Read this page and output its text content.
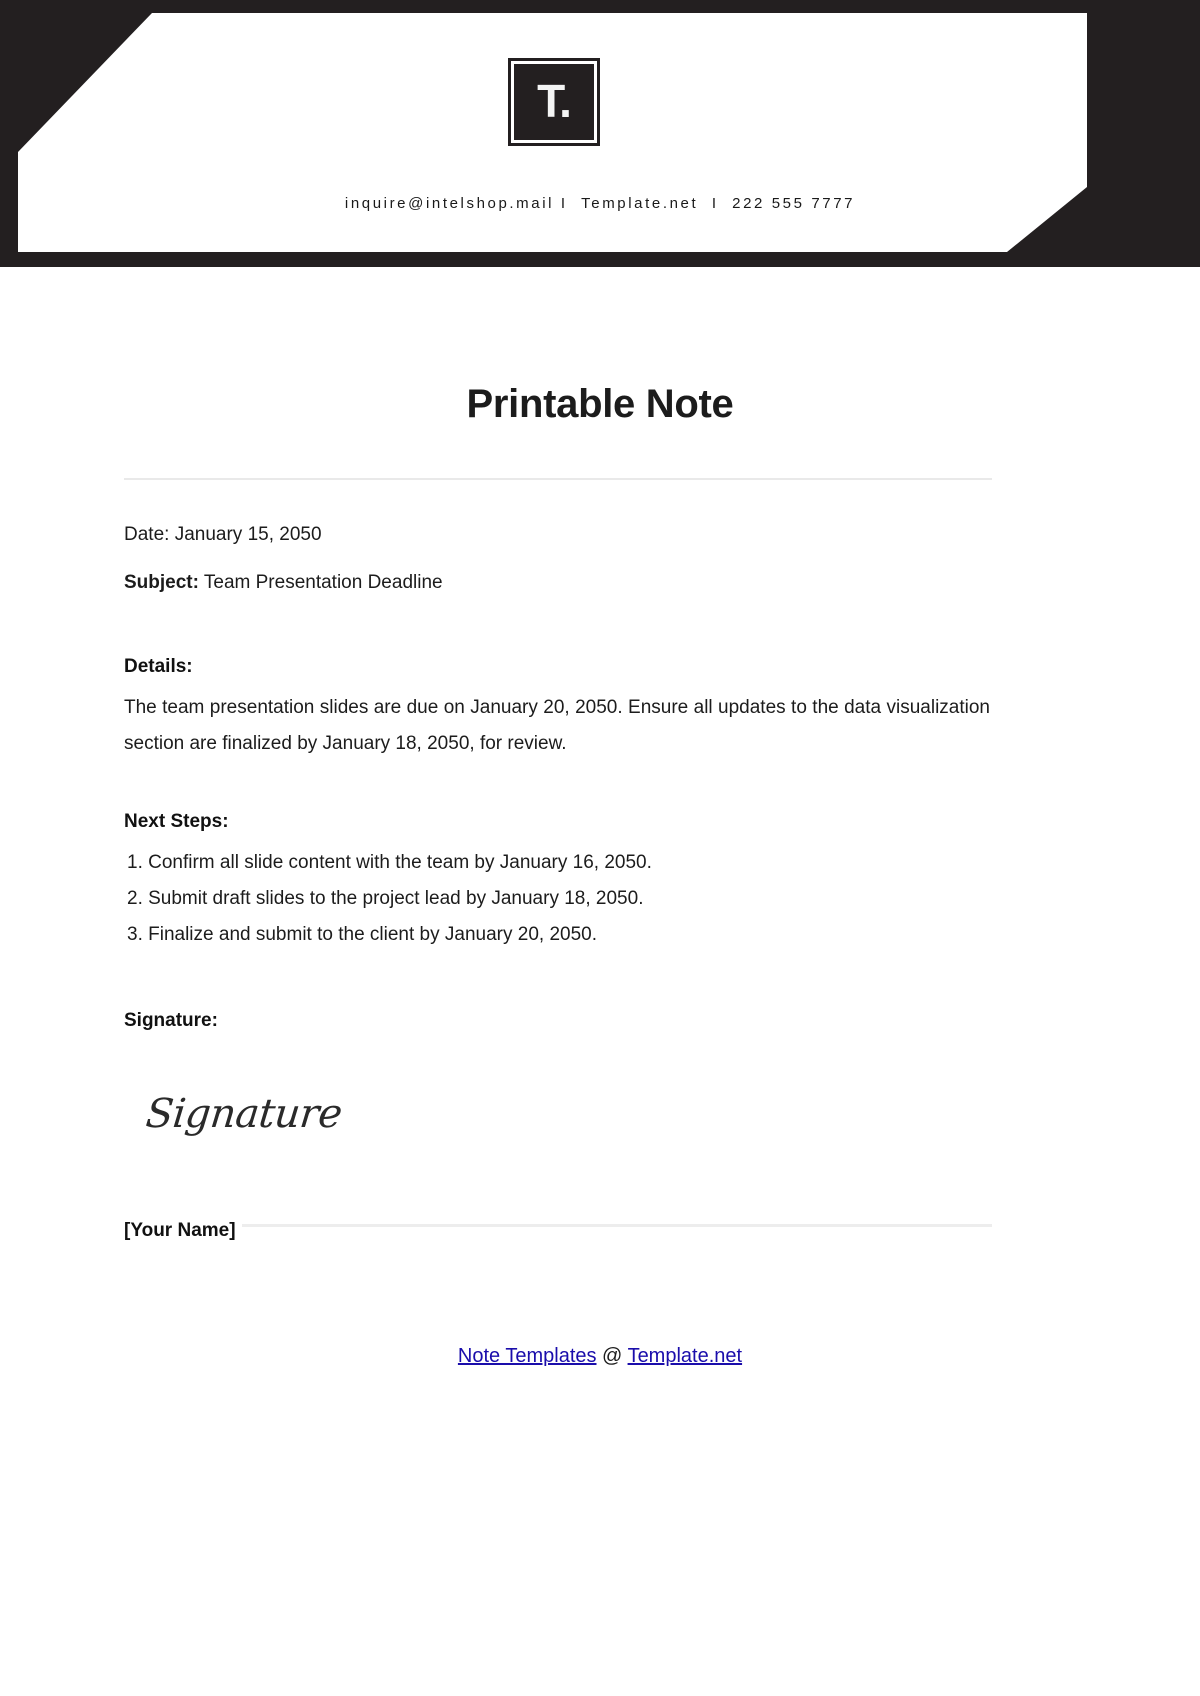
T.
inquire@intelshop.mail I Template.net I 222 555 7777
Printable Note

Date: January 15, 2050

Subject: Team Presentation Deadline

Details:

The team presentation slides are due on January 20, 2050. Ensure all updates to the data visualization section are finalized by January 18, 2050, for review.

Next Steps:

1. Confirm all slide content with the team by January 16, 2050.
2. Submit draft slides to the project lead by January 18, 2050.
3. Finalize and submit to the client by January 20, 2050.

Signature:

Signature
[Your Name]
Note Templates @ Template.net
